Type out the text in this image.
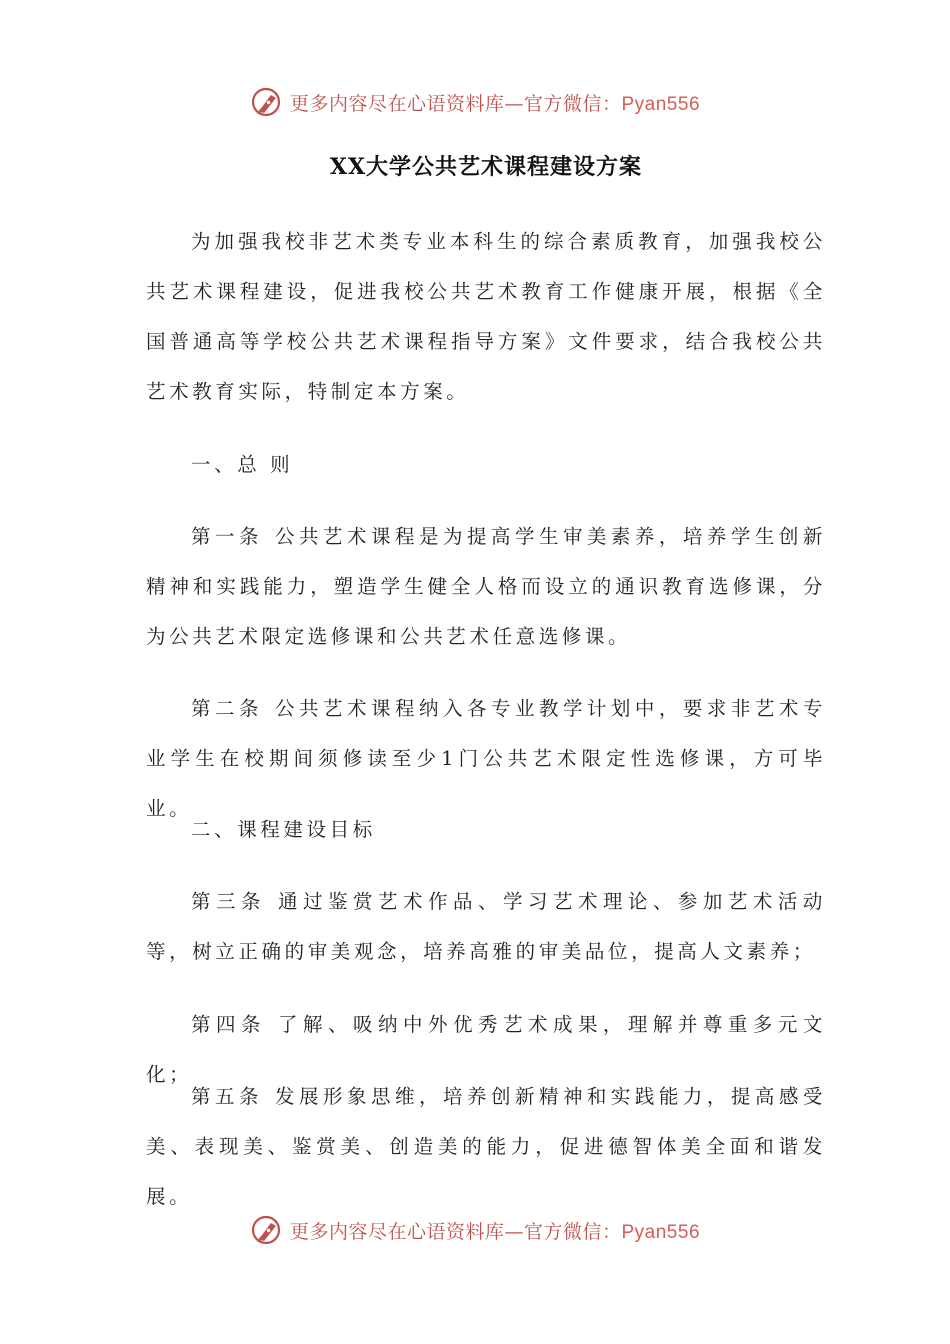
更多内容尽在心语资料库—官方微信：Pyan556
XX大学公共艺术课程建设方案

为加强我校非艺术类专业本科生的综合素质教育，加强我校公共艺术课程建设，促进我校公共艺术教育工作健康开展，根据《全国普通高等学校公共艺术课程指导方案》文件要求，结合我校公共艺术教育实际，特制定本方案。

一、总 则

第一条 公共艺术课程是为提高学生审美素养，培养学生创新精神和实践能力，塑造学生健全人格而设立的通识教育选修课，分为公共艺术限定选修课和公共艺术任意选修课。

第二条 公共艺术课程纳入各专业教学计划中，要求非艺术专业学生在校期间须修读至少1门公共艺术限定性选修课，方可毕业。

二、课程建设目标

第三条 通过鉴赏艺术作品、学习艺术理论、参加艺术活动等，树立正确的审美观念，培养高雅的审美品位，提高人文素养；

第四条 了解、吸纳中外优秀艺术成果，理解并尊重多元文化；

第五条 发展形象思维，培养创新精神和实践能力，提高感受美、表现美、鉴赏美、创造美的能力，促进德智体美全面和谐发展。

更多内容尽在心语资料库—官方微信：Pyan556
